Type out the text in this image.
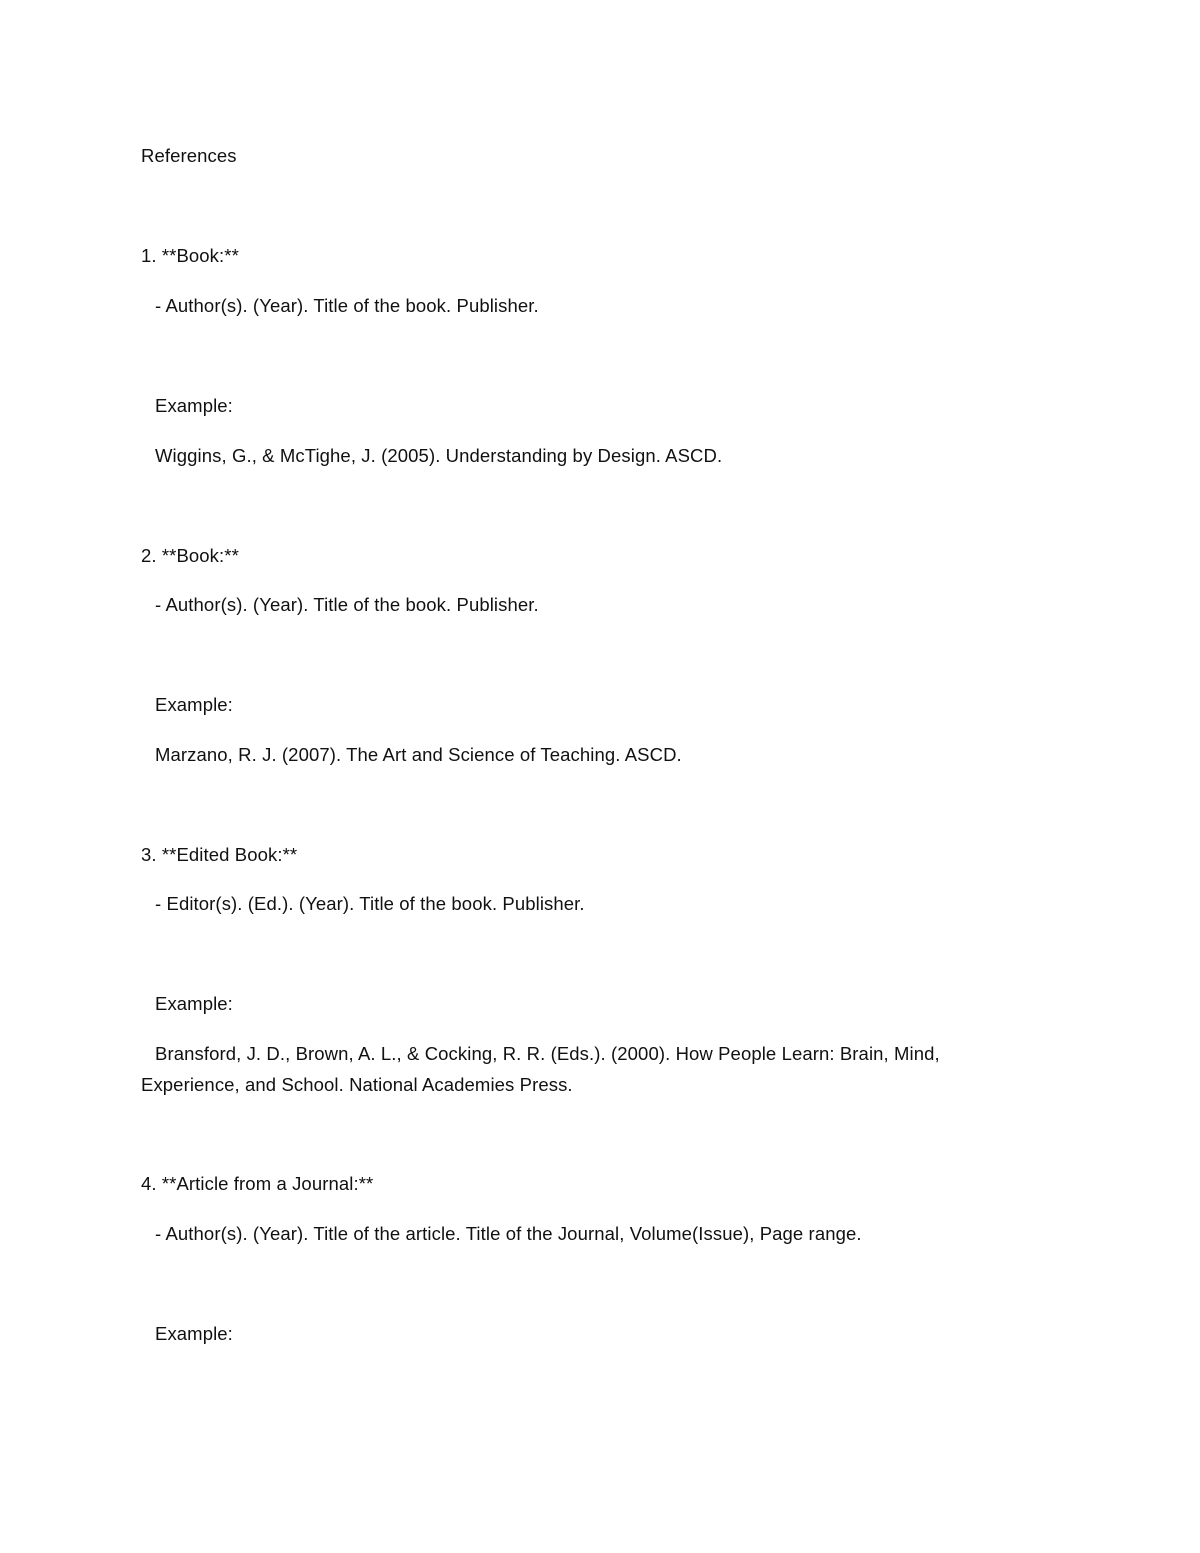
References
1. **Book:**
- Author(s). (Year). Title of the book. Publisher.
Example:
Wiggins, G., & McTighe, J. (2005). Understanding by Design. ASCD.
2. **Book:**
- Author(s). (Year). Title of the book. Publisher.
Example:
Marzano, R. J. (2007). The Art and Science of Teaching. ASCD.
3. **Edited Book:**
- Editor(s). (Ed.). (Year). Title of the book. Publisher.
Example:
Bransford, J. D., Brown, A. L., & Cocking, R. R. (Eds.). (2000). How People Learn: Brain, Mind,
Experience, and School. National Academies Press.
4. **Article from a Journal:**
- Author(s). (Year). Title of the article. Title of the Journal, Volume(Issue), Page range.
Example:
